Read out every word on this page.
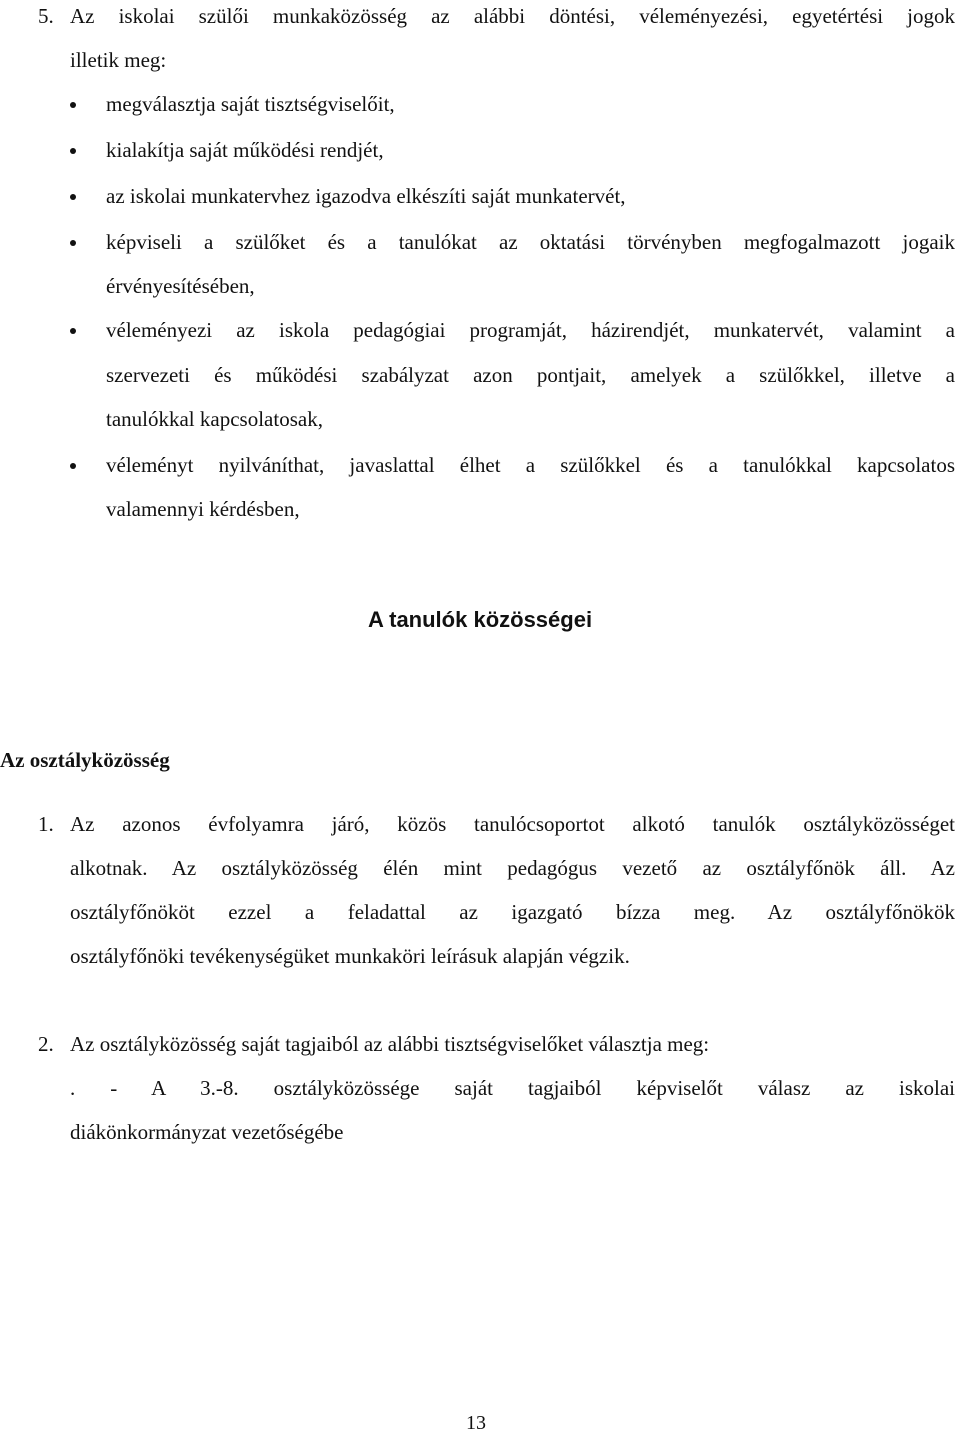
5. Az iskolai szülői munkaközösség az alábbi döntési, véleményezési, egyetértési jogok
illetik meg:
megválasztja saját tisztségviselőit,
kialakítja saját működési rendjét,
az iskolai munkatervhez igazodva elkészíti saját munkatervét,
képviseli a szülőket és a tanulókat az oktatási törvényben megfogalmazott jogaik
érvényesítésében,
véleményezi az iskola pedagógiai programját, házirendjét, munkatervét, valamint a
szervezeti és működési szabályzat azon pontjait, amelyek a szülőkkel, illetve a
tanulókkal kapcsolatosak,
véleményt nyilváníthat, javaslattal élhet a szülőkkel és a tanulókkal kapcsolatos
valamennyi kérdésben,
A tanulók közösségei
Az osztályközösség
1. Az azonos évfolyamra járó, közös tanulócsoportot alkotó tanulók osztályközösséget
alkotnak. Az osztályközösség élén mint pedagógus vezető az osztályfőnök áll. Az
osztályfőnököt ezzel a feladattal az igazgató bízza meg. Az osztályfőnökök
osztályfőnöki tevékenységüket munkaköri leírásuk alapján végzik.
2. Az osztályközösség saját tagjaiból az alábbi tisztségviselőket választja meg:
. - A 3.-8. osztályközössége saját tagjaiból képviselőt válasz az iskolai
diákönkormányzat vezetőségébe
13
